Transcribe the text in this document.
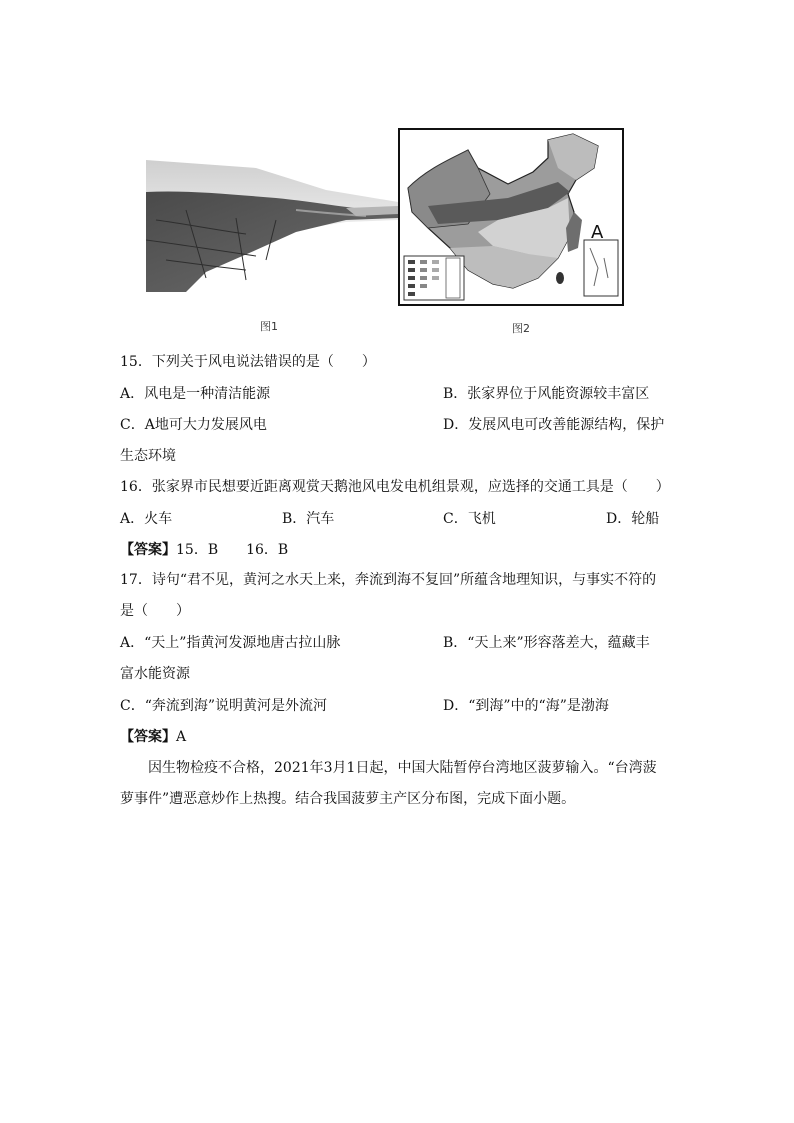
图1
A
图2
15．下列关于风电说法错误的是（　　）
A．风电是一种清洁能源	B．张家界位于风能资源较丰富区
C．A地可大力发展风电	D．发展风电可改善能源结构，保护
生态环境
16．张家界市民想要近距离观赏天鹅池风电发电机组景观，应选择的交通工具是（　　）
A．火车	B．汽车	C．飞机	D．轮船
【答案】15．B　　16．B
17．诗句“君不见，黄河之水天上来，奔流到海不复回”所蕴含地理知识，与事实不符的
是（　　）
A．“天上”指黄河发源地唐古拉山脉	B．“天上来”形容落差大，蕴藏丰
富水能资源
C．“奔流到海”说明黄河是外流河	D．“到海”中的“海”是渤海
【答案】A
因生物检疫不合格，2021年3月1日起，中国大陆暂停台湾地区菠萝输入。“台湾菠
萝事件”遭恶意炒作上热搜。结合我国菠萝主产区分布图，完成下面小题。
